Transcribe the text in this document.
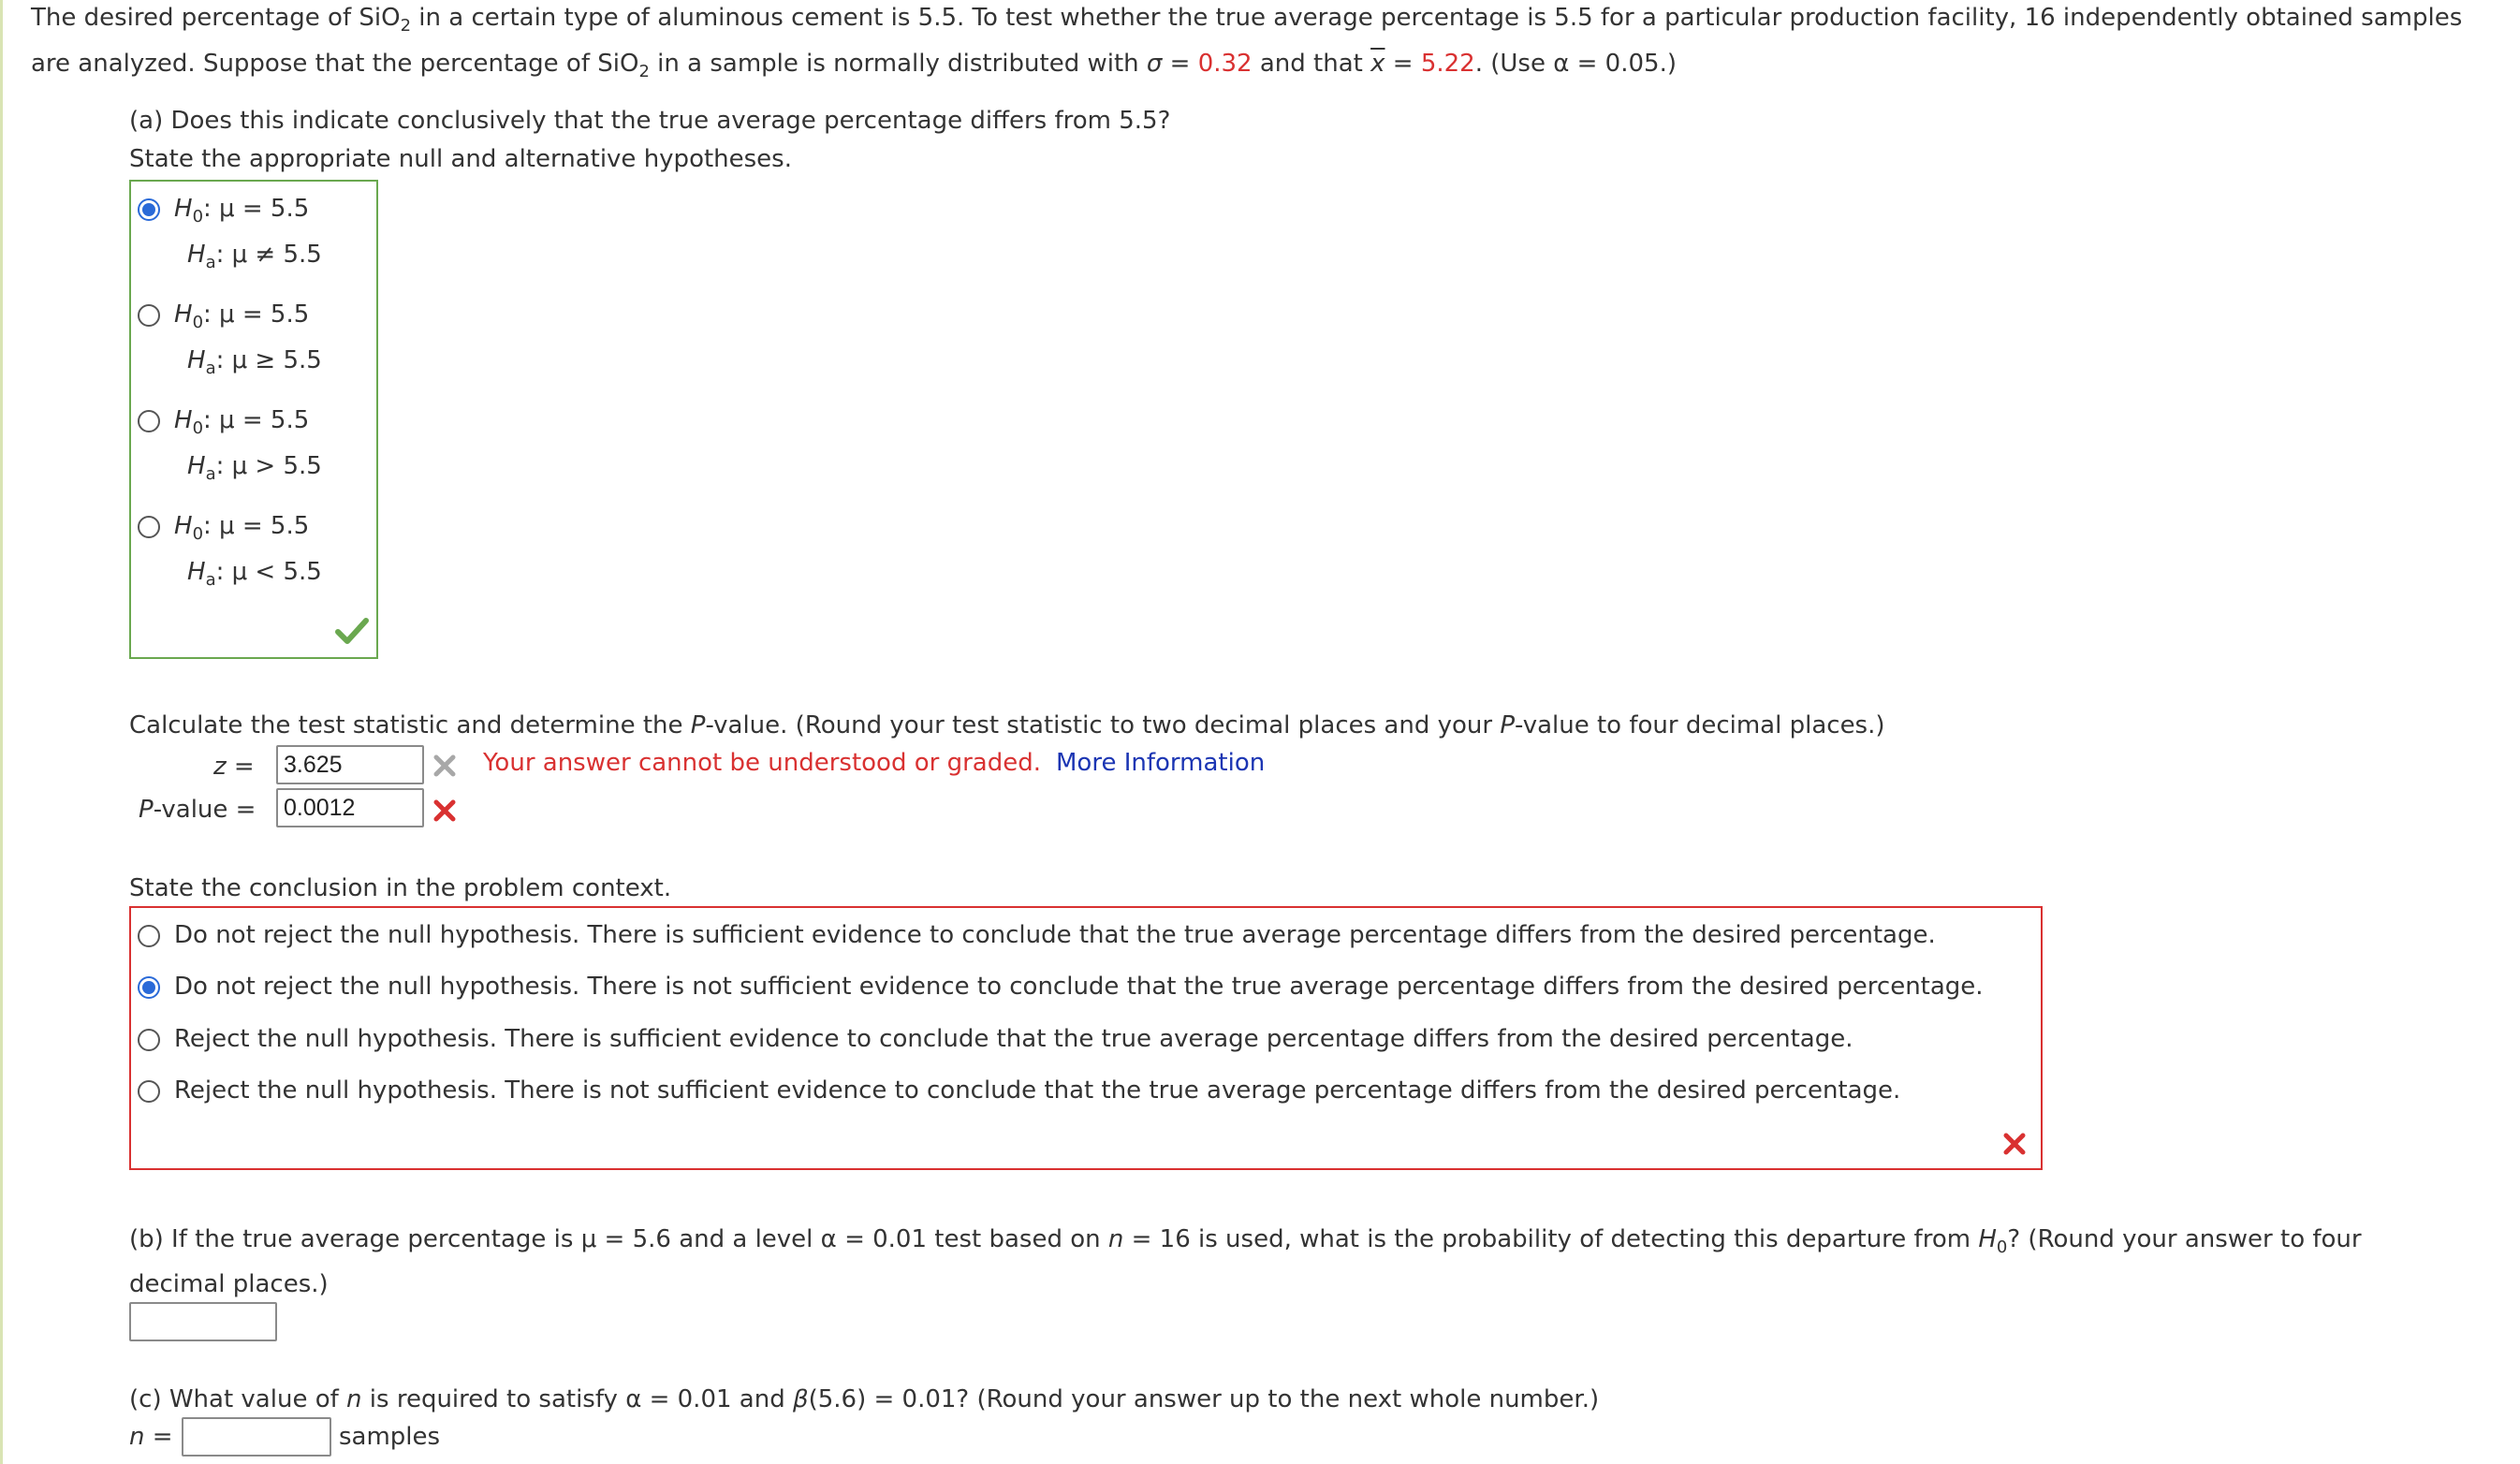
The desired percentage of SiO$_2$ in a certain type of aluminous cement is 5.5. To test whether the true average percentage is 5.5 for a particular production facility, 16 independently obtained samples
are analyzed. Suppose that the percentage of SiO$_2$ in a sample is normally distributed with σ = 0.32 and that $\overline{x} = 5.22$. (Use α = 0.05.)
(a) Does this indicate conclusively that the true average percentage differs from 5.5?
State the appropriate null and alternative hypotheses.
$H_0$: μ = 5.5
$H_a$: μ ≠ 5.5
$H_0$: μ = 5.5
$H_a$: μ ≥ 5.5
$H_0$: μ = 5.5
$H_a$: μ > 5.5
$H_0$: μ = 5.5
$H_a$: μ < 5.5
Calculate the test statistic and determine the P-value. (Round your test statistic to two decimal places and your P-value to four decimal places.)
z =
3.625	Your answer cannot be understood or graded. More Information
P-value =
0.0012
State the conclusion in the problem context.
Do not reject the null hypothesis. There is sufficient evidence to conclude that the true average percentage differs from the desired percentage.
Do not reject the null hypothesis. There is not sufficient evidence to conclude that the true average percentage differs from the desired percentage.
Reject the null hypothesis. There is sufficient evidence to conclude that the true average percentage differs from the desired percentage.
Reject the null hypothesis. There is not sufficient evidence to conclude that the true average percentage differs from the desired percentage.
(b) If the true average percentage is μ = 5.6 and a level α = 0.01 test based on n = 16 is used, what is the probability of detecting this departure from $H_0$? (Round your answer to four
decimal places.)
(c) What value of n is required to satisfy α = 0.01 and β(5.6) = 0.01? (Round your answer up to the next whole number.)
n =	samples
